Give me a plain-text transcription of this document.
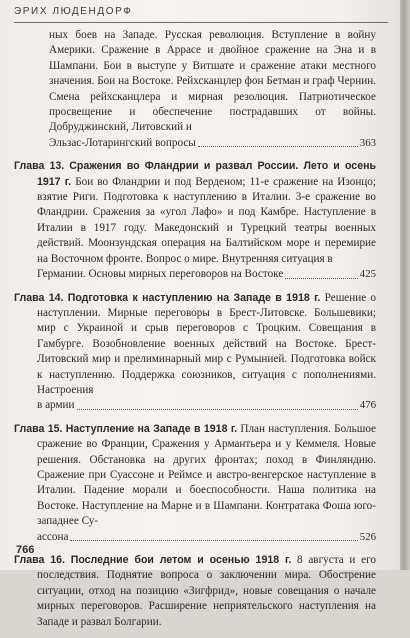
ЭРИХ ЛЮДЕНДОРФ
ных боев на Западе. Русская революция. Вступление в войну Америки. Сражение в Аррасе и двойное сражение на Эна и в Шампани. Бои в выступе у Витшате и сражение атаки местного значения. Бои на Востоке. Рейхсканцлер фон Бетман и граф Чернин. Смена рейхсканцлера и мирная резолюция. Патриотическое просвещение и обеспечение пострадавших от войны. Добруджинский, Литовский и
Эльзас-Лотарингский вопросы	363
Глава 13. Сражения во Фландрии и развал России. Лето и осень 1917 г. Бои во Фландрии и под Верденом; 11-е сражение на Изонцо; взятие Риги. Подготовка к наступлению в Италии. 3-е сражение во Фландрии. Сражения за «угол Лафо» и под Камбре. Наступление в Италии в 1917 году. Македонский и Турецкий театры военных действий. Моонзундская операция на Балтийском море и перемирие на Восточном фронте. Вопрос о мире. Внутренняя ситуация в
Германии. Основы мирных переговоров на Востоке	425
Глава 14. Подготовка к наступлению на Западе в 1918 г. Решение о наступлении. Мирные переговоры в Брест-Литовске. Большевики; мир с Украиной и срыв переговоров с Троцким. Совещания в Гамбурге. Возобновление военных действий на Востоке. Брест-Литовский мир и прелиминарный мир с Румынией. Подготовка войск к наступлению. Поддержка союзников, ситуация с пополнениями. Настроения
в армии	476
Глава 15. Наступление на Западе в 1918 г. План наступления. Большое сражение во Франции, Сражения у Армантьера и у Кеммеля. Новые решения. Обстановка на других фронтах; поход в Финляндию. Сражение при Суассоне и Реймсе и австро-венгерское наступление в Италии. Падение морали и боеспособности. Наша политика на Востоке. Наступление на Марне и в Шампани. Контратака Фоша юго-западнее Су-
ассона	526
Глава 16. Последние бои летом и осенью 1918 г. 8 августа и его последствия. Поднятие вопроса о заключении мира. Обострение ситуации, отход на позицию «Зигфрид», новые совещания о начале мирных переговоров. Расширение неприятельского наступления на Западе и развал Болгарии.
766
